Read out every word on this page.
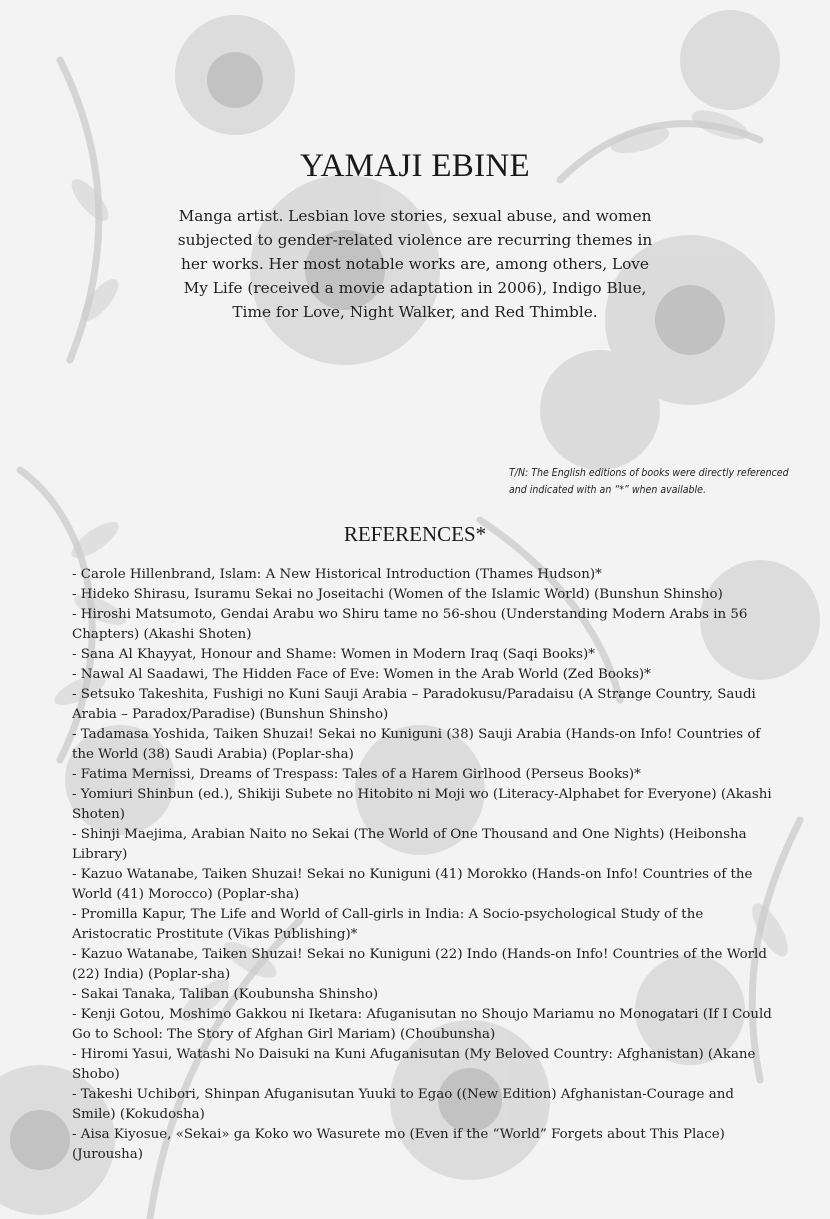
YAMAJI EBINE
Manga artist. Lesbian love stories, sexual abuse, and women subjected to gender-related violence are recurring themes in her works. Her most notable works are, among others, Love My Life (received a movie adaptation in 2006), Indigo Blue, Time for Love, Night Walker, and Red Thimble.
T/N: The English editions of books were directly referenced
and indicated with an “*” when available.
REFERENCES*
- Carole Hillenbrand, Islam: A New Historical Introduction (Thames Hudson)*
- Hideko Shirasu, Isuramu Sekai no Joseitachi (Women of the Islamic World) (Bunshun Shinsho)
- Hiroshi Matsumoto, Gendai Arabu wo Shiru tame no 56-shou (Understanding Modern Arabs in 56 Chapters) (Akashi Shoten)
- Sana Al Khayyat, Honour and Shame: Women in Modern Iraq (Saqi Books)*
- Nawal Al Saadawi, The Hidden Face of Eve: Women in the Arab World (Zed Books)*
- Setsuko Takeshita, Fushigi no Kuni Sauji Arabia – Paradokusu/Paradaisu (A Strange Country, Saudi Arabia – Paradox/Paradise) (Bunshun Shinsho)
- Tadamasa Yoshida, Taiken Shuzai! Sekai no Kuniguni (38) Sauji Arabia (Hands-on Info! Countries of the World (38) Saudi Arabia) (Poplar-sha)
- Fatima Mernissi, Dreams of Trespass: Tales of a Harem Girlhood (Perseus Books)*
- Yomiuri Shinbun (ed.), Shikiji Subete no Hitobito ni Moji wo (Literacy-Alphabet for Everyone) (Akashi Shoten)
- Shinji Maejima, Arabian Naito no Sekai (The World of One Thousand and One Nights) (Heibonsha Library)
- Kazuo Watanabe, Taiken Shuzai! Sekai no Kuniguni (41) Morokko (Hands-on Info! Countries of the World (41) Morocco) (Poplar-sha)
- Promilla Kapur, The Life and World of Call-girls in India: A Socio-psychological Study of the Aristocratic Prostitute (Vikas Publishing)*
- Kazuo Watanabe, Taiken Shuzai! Sekai no Kuniguni (22) Indo (Hands-on Info! Countries of the World (22) India) (Poplar-sha)
- Sakai Tanaka, Taliban (Koubunsha Shinsho)
- Kenji Gotou, Moshimo Gakkou ni Iketara: Afuganisutan no Shoujo Mariamu no Monogatari (If I Could Go to School: The Story of Afghan Girl Mariam) (Choubunsha)
- Hiromi Yasui, Watashi No Daisuki na Kuni Afuganisutan (My Beloved Country: Afghanistan) (Akane Shobo)
- Takeshi Uchibori, Shinpan Afuganisutan Yuuki to Egao ((New Edition) Afghanistan-Courage and Smile) (Kokudosha)
- Aisa Kiyosue, «Sekai» ga Koko wo Wasurete mo (Even if the “World” Forgets about This Place) (Jurousha)
